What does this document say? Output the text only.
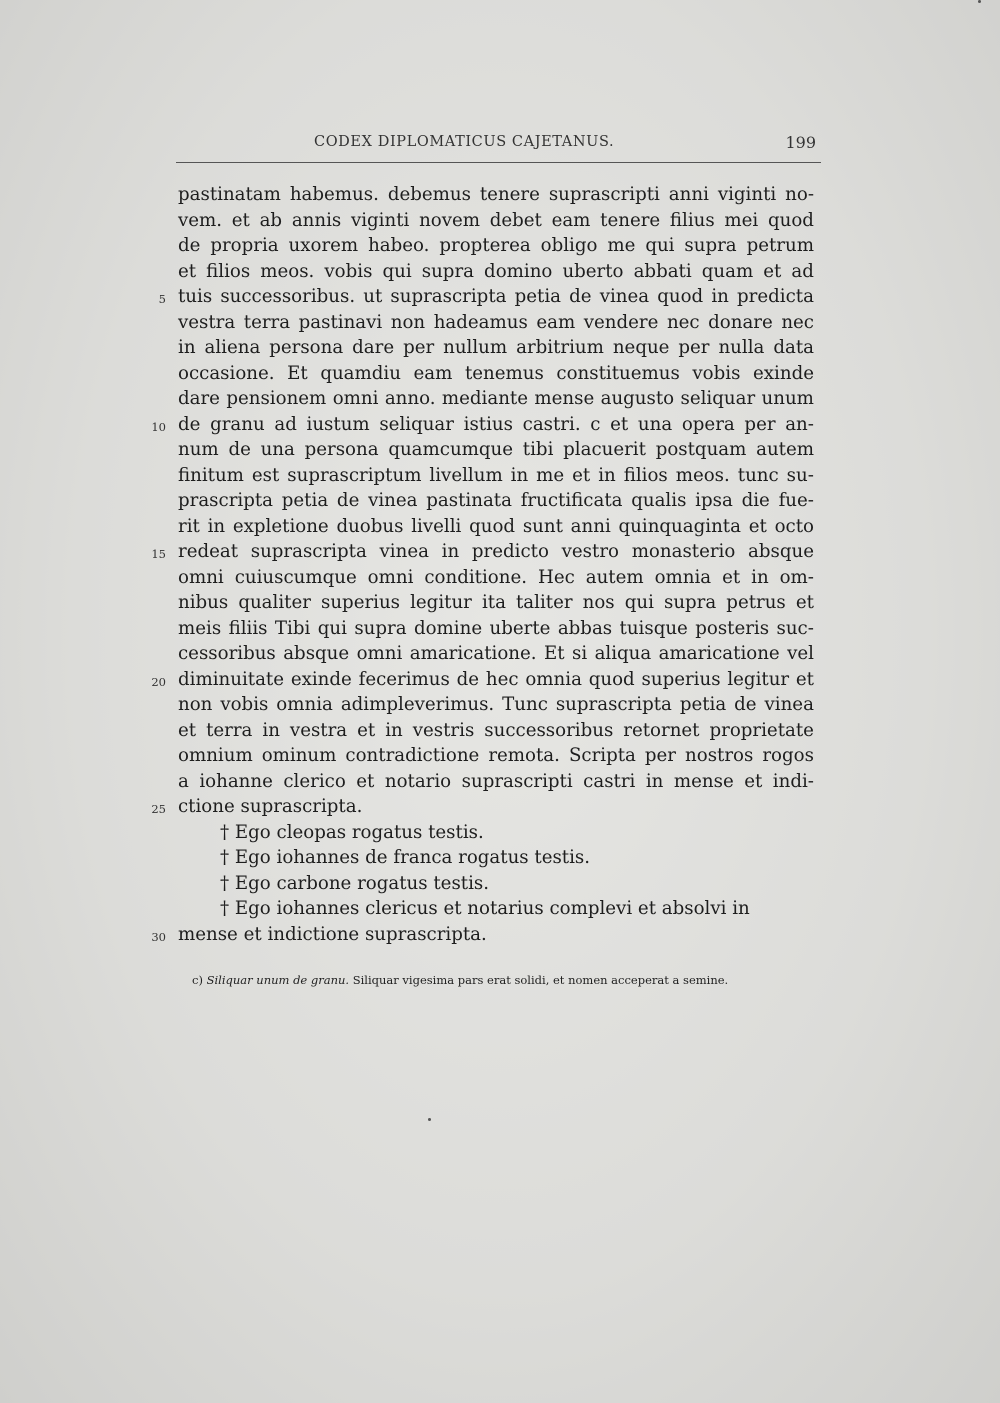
CODEX DIPLOMATICUS CAJETANUS.	199
pastinatam habemus. debemus tenere suprascripti anni viginti no-
vem. et ab annis viginti novem debet eam tenere filius mei quod
de propria uxorem habeo. propterea obligo me qui supra petrum
et filios meos. vobis qui supra domino uberto abbati quam et ad
5 tuis successoribus. ut suprascripta petia de vinea quod in predicta
vestra terra pastinavi non hadeamus eam vendere nec donare nec
in aliena persona dare per nullum arbitrium neque per nulla data
occasione. Et quamdiu eam tenemus constituemus vobis exinde
dare pensionem omni anno. mediante mense augusto seliquar unum
10 de granu ad iustum seliquar istius castri. c et una opera per an-
num de una persona quamcumque tibi placuerit postquam autem
finitum est suprascriptum livellum in me et in filios meos. tunc su-
prascripta petia de vinea pastinata fructificata qualis ipsa die fue-
rit in expletione duobus livelli quod sunt anni quinquaginta et octo
15 redeat suprascripta vinea in predicto vestro monasterio absque
omni cuiuscumque omni conditione. Hec autem omnia et in om-
nibus qualiter superius legitur ita taliter nos qui supra petrus et
meis filiis Tibi qui supra domine uberte abbas tuisque posteris suc-
cessoribus absque omni amaricatione. Et si aliqua amaricatione vel
20 diminuitate exinde fecerimus de hec omnia quod superius legitur et
non vobis omnia adimpleverimus. Tunc suprascripta petia de vinea
et terra in vestra et in vestris successoribus retornet proprietate
omnium ominum contradictione remota. Scripta per nostros rogos
a iohanne clerico et notario suprascripti castri in mense et indi-
25 ctione suprascripta.
† Ego cleopas rogatus testis.
† Ego iohannes de franca rogatus testis.
† Ego carbone rogatus testis.
† Ego iohannes clericus et notarius complevi et absolvi in
30 mense et indictione suprascripta.
c) Siliquar unum de granu. Siliquar vigesima pars erat solidi, et nomen acceperat a semine.
